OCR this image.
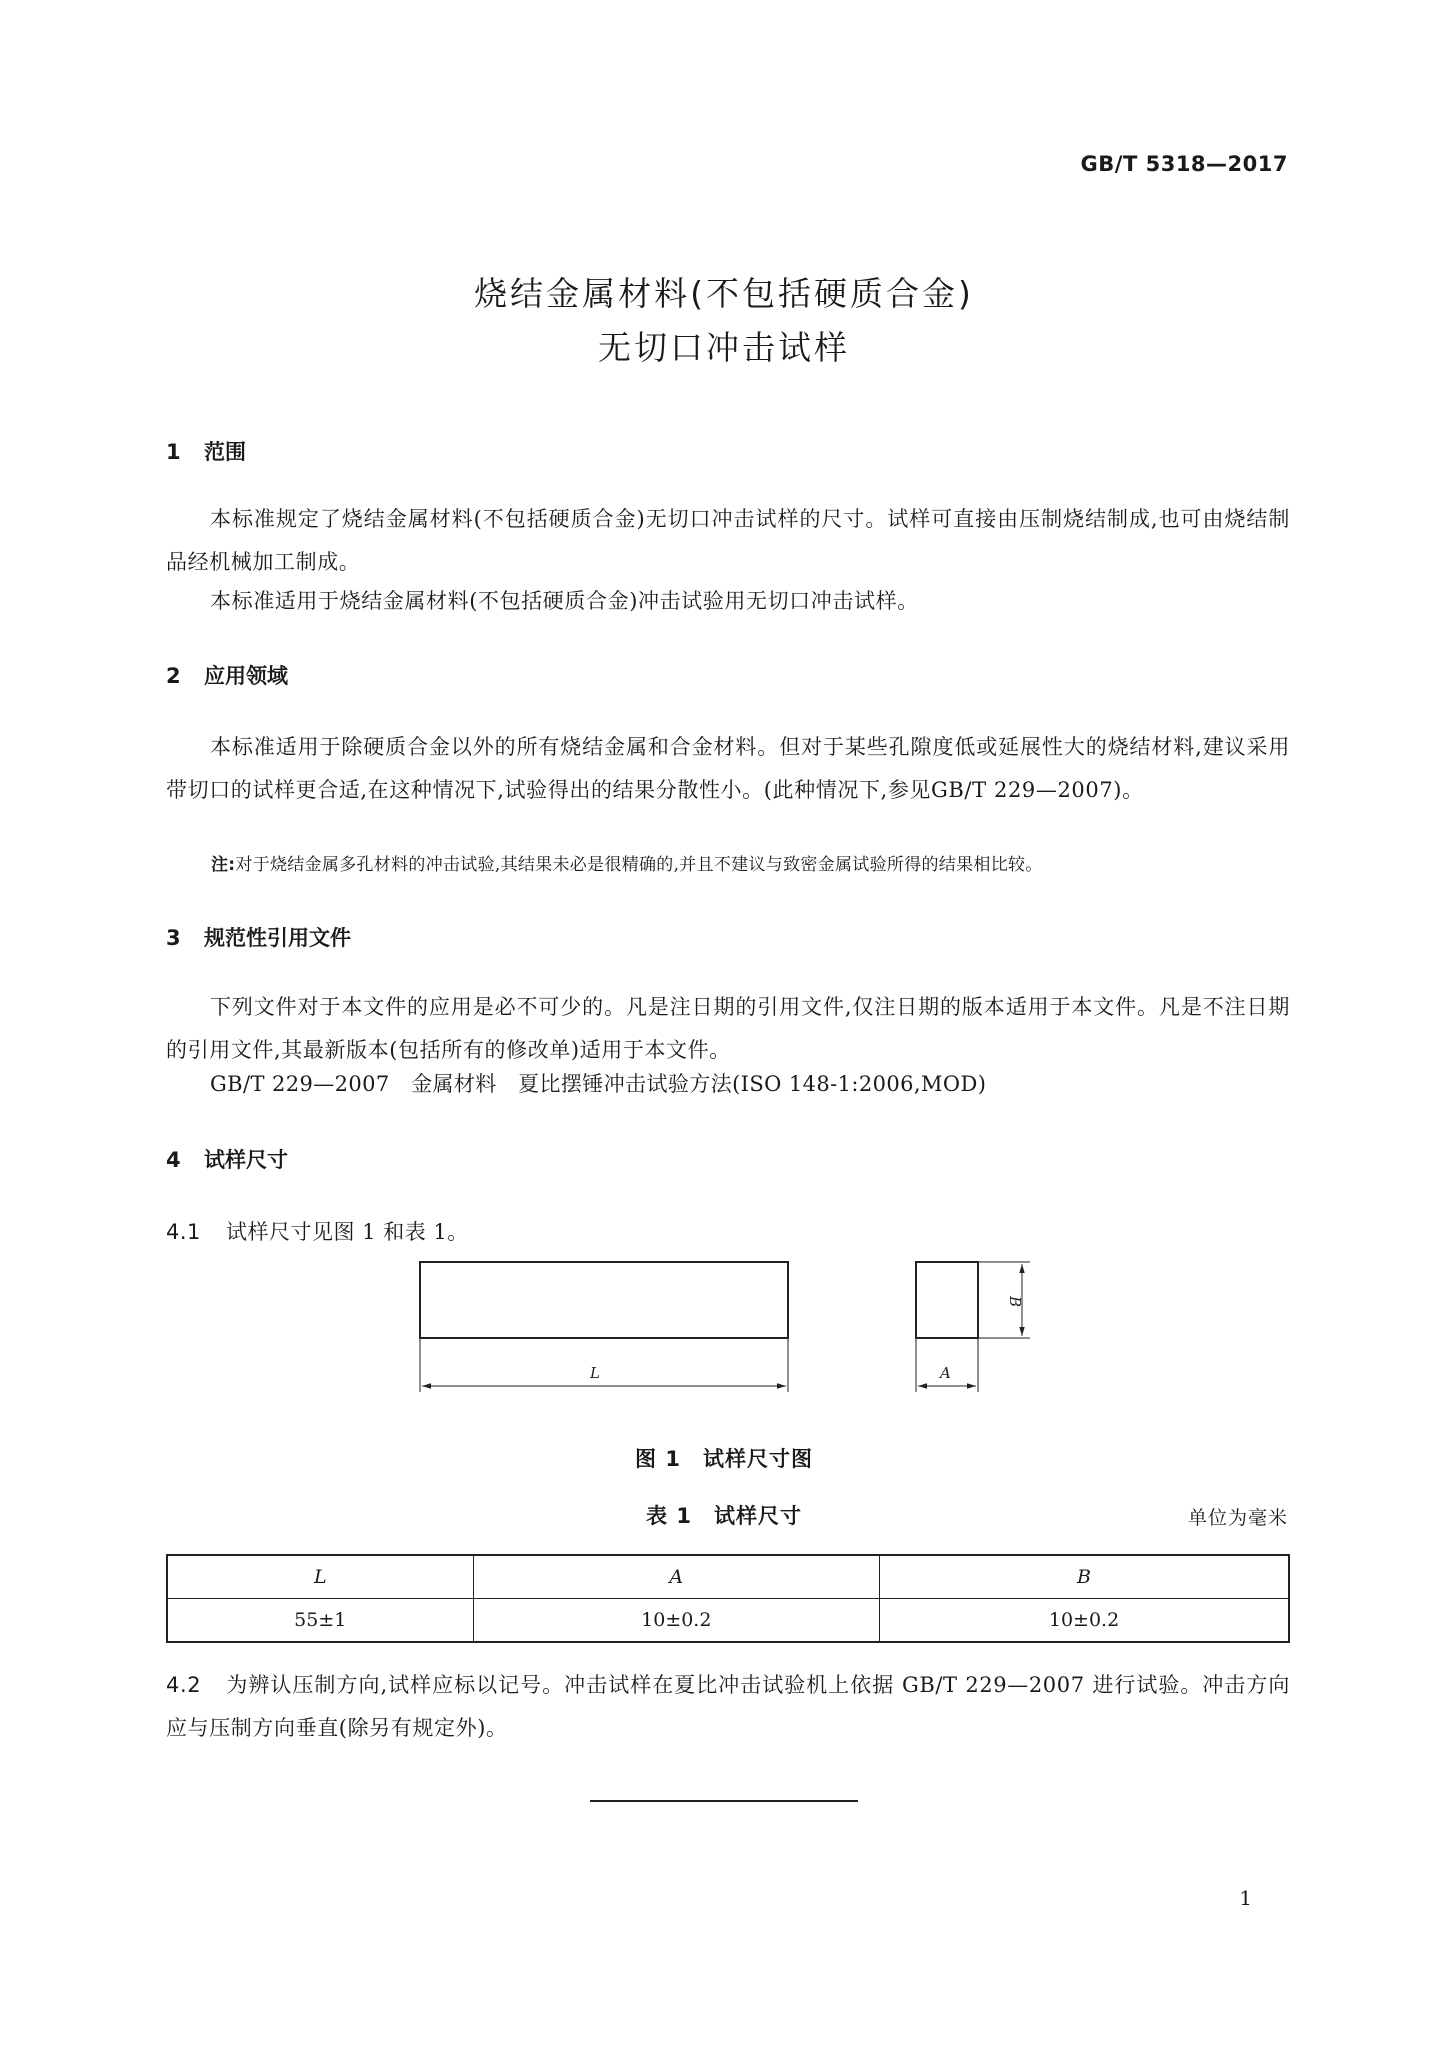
GB/T 5318—2017
烧结金属材料(不包括硬质合金)
无切口冲击试样
1 范围
本标准规定了烧结金属材料(不包括硬质合金)无切口冲击试样的尺寸。试样可直接由压制烧结制成,也可由烧结制品经机械加工制成。
本标准适用于烧结金属材料(不包括硬质合金)冲击试验用无切口冲击试样。
2 应用领域
本标准适用于除硬质合金以外的所有烧结金属和合金材料。但对于某些孔隙度低或延展性大的烧结材料,建议采用带切口的试样更合适,在这种情况下,试验得出的结果分散性小。(此种情况下,参见GB/T 229—2007)。
注:对于烧结金属多孔材料的冲击试验,其结果未必是很精确的,并且不建议与致密金属试验所得的结果相比较。
3 规范性引用文件
下列文件对于本文件的应用是必不可少的。凡是注日期的引用文件,仅注日期的版本适用于本文件。凡是不注日期的引用文件,其最新版本(包括所有的修改单)适用于本文件。
GB/T 229—2007　金属材料　夏比摆锤冲击试验方法(ISO 148-1:2006,MOD)
4 试样尺寸
4.1 试样尺寸见图 1 和表 1。
L
B
A
图 1　试样尺寸图
表 1　试样尺寸	单位为毫米
L	A	B
55±1	10±0.2	10±0.2
4.2 为辨认压制方向,试样应标以记号。冲击试样在夏比冲击试验机上依据 GB/T 229—2007 进行试验。冲击方向应与压制方向垂直(除另有规定外)。
1
